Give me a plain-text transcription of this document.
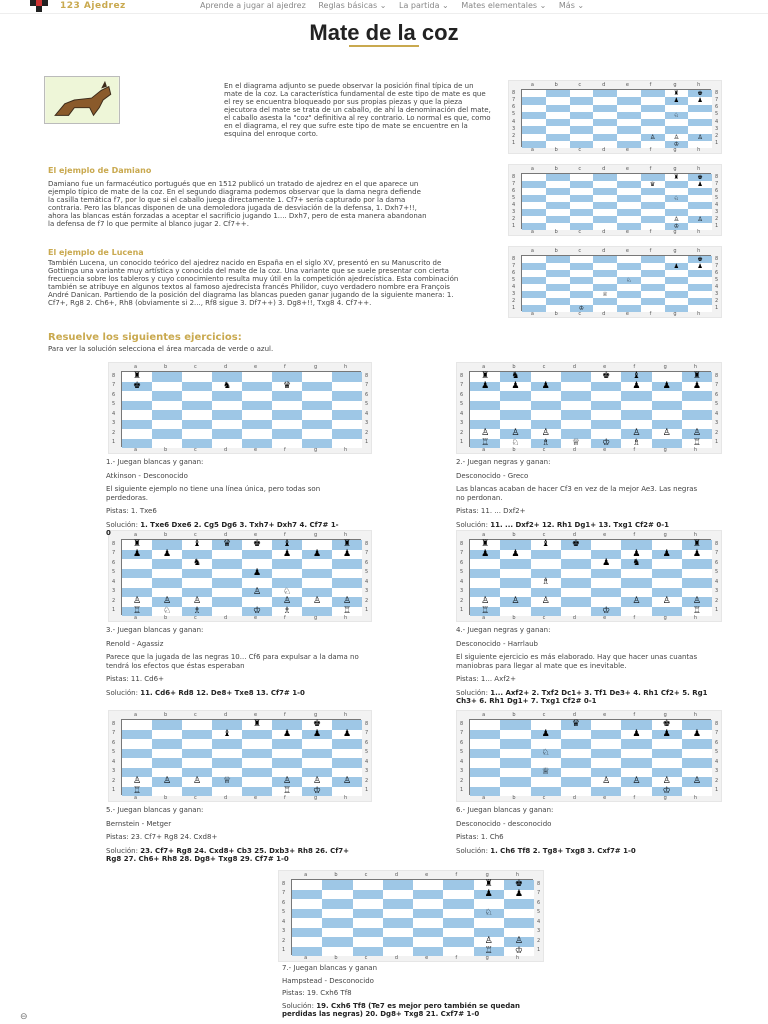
123 Ajedrez	Aprende a jugar al ajedrez Reglas básicas ⌄ La partida ⌄ Mates elementales ⌄ Más ⌄
Mate de la coz
En el diagrama adjunto se puede observar la posición final típica de un mate de la coz. La característica fundamental de este tipo de mate es que el rey se encuentra bloqueado por sus propias piezas y que la pieza ejecutora del mate se trata de un caballo, de ahí la denominación del mate, el caballo asesta la "coz" definitiva al rey contrario. Lo normal es que, como en el diagrama, el rey que sufre este tipo de mate se encuentre en la esquina del enroque corto.
El ejemplo de Damiano
Damiano fue un farmacéutico portugués que en 1512 publicó un tratado de ajedrez en el que aparece un ejemplo típico de mate de la coz. En el segundo diagrama podemos observar que la dama negra defiende la casilla temática f7, por lo que si el caballo juega directamente 1. Cf7+ sería capturado por la dama contraria. Pero las blancas disponen de una demoledora jugada de desviación de la defensa, 1. Dxh7+!!, ahora las blancas están forzadas a aceptar el sacrificio jugando 1.... Dxh7, pero de esta manera abandonan la defensa de f7 lo que permite al blanco jugar 2. Cf7++.
El ejemplo de Lucena
También Lucena, un conocido teórico del ajedrez nacido en España en el siglo XV, presentó en su Manuscrito de Gottinga una variante muy artística y conocida del mate de la coz. Una variante que se suele presentar con cierta frecuencia sobre los tableros y cuyo conocimiento resulta muy útil en la competición ajedrecística. Esta combinación también se atribuye en algunos textos al famoso ajedrecista francés Philidor, cuyo verdadero nombre era François André Danican. Partiendo de la posición del diagrama las blancas pueden ganar jugando de la siguiente manera: 1. Cf7+, Rg8 2. Ch6+, Rh8 (obviamente si 2..., Rf8 sigue 3. Df7++) 3. Dg8+!!, Txg8 4. Cf7++.
Resuelve los siguientes ejercicios:
Para ver la solución selecciona el área marcada de verde o azul.
♜	♚
♟	♟
♘
♙	♙	♙
♔
a
a
b
b
c
c
d
d
e
e
f
f
g
g
h
h
8	8
7	7
6	6
5	5
4	4
3	3
2	2
1	1
♜	♚
♛	♟
♘
♙	♙
♔
a
a
b
b
c
c
d
d
e
e
f
f
g
g
h
h
8	8
7	7
6	6
5	5
4	4
3	3
2	2
1	1
♚
♟	♟
♘
♕
♔
a
a
b
b
c
c
d
d
e
e
f
f
g
g
h
h
8	8
7	7
6	6
5	5
4	4
3	3
2	2
1	1
♜
♚	♞	♛
a
a
b
b
c
c
d
d
e
e
f
f
g
g
h
h
8	8
7	7
6	6
5	5
4	4
3	3
2	2
1	1
♜	♞	♚	♝	♜
♟	♟	♟	♟	♟	♟
♙	♙	♙	♙	♙	♙
♖	♘	♗	♕	♔	♗	♖
a
a
b
b
c
c
d
d
e
e
f
f
g
g
h
h
8	8
7	7
6	6
5	5
4	4
3	3
2	2
1	1
♜	♝	♛	♚	♝	♜
♟	♟	♟	♟	♟
♞
♟
♙	♘
♙	♙	♙	♙	♙	♙
♖	♘	♗	♔	♗	♖
a
a
b
b
c
c
d
d
e
e
f
f
g
g
h
h
8	8
7	7
6	6
5	5
4	4
3	3
2	2
1	1
♜	♝	♚	♜
♟	♟	♟	♟	♟
♟	♞
♗
♙	♙	♙	♙	♙	♙
♖	♔	♖
a
a
b
b
c
c
d
d
e
e
f
f
g
g
h
h
8	8
7	7
6	6
5	5
4	4
3	3
2	2
1	1
♜	♚
♝	♟	♟	♟
♙	♙	♙	♕	♙	♙	♙
♖	♖	♔
a
a
b
b
c
c
d
d
e
e
f
f
g
g
h
h
8	8
7	7
6	6
5	5
4	4
3	3
2	2
1	1
♛	♚
♟	♟	♟	♟
♘
♕
♙	♙	♙	♙
♔
a
a
b
b
c
c
d
d
e
e
f
f
g
g
h
h
8	8
7	7
6	6
5	5
4	4
3	3
2	2
1	1
♜	♚
♟	♟
♘
♙	♙
♖	♔
a
a
b
b
c
c
d
d
e
e
f
f
g
g
h
h
8	8
7	7
6	6
5	5
4	4
3	3
2	2
1	1
1.- Juegan blancas y ganan:
Atkinson - Desconocido
El siguiente ejemplo no tiene una línea única, pero todas son perdedoras.
Pistas: 1. Txe6
Solución: 1. Txe6 Dxe6 2. Cg5 Dg6 3. Txh7+ Dxh7 4. Cf7# 1-0
2.- Juegan negras y ganan:
Desconocido - Greco
Las blancas acaban de hacer Cf3 en vez de la mejor Ae3. Las negras no perdonan.
Pistas: 11. ... Dxf2+
Solución: 11. ... Dxf2+ 12. Rh1 Dg1+ 13. Txg1 Cf2# 0-1
3.- Juegan blancas y ganan:
Renold - Agassiz
Parece que la jugada de las negras 10... Cf6 para expulsar a la dama no tendrá los efectos que éstas esperaban
Pistas: 11. Cd6+
Solución: 11. Cd6+ Rd8 12. De8+ Txe8 13. Cf7# 1-0
4.- Juegan negras y ganan:
Desconocido - Harrlaub
El siguiente ejercicio es más elaborado. Hay que hacer unas cuantas maniobras para llegar al mate que es inevitable.
Pistas: 1... Axf2+
Solución: 1... Axf2+ 2. Txf2 Dc1+ 3. Tf1 De3+ 4. Rh1 Cf2+ 5. Rg1 Ch3+ 6. Rh1 Dg1+ 7. Txg1 Cf2# 0-1
5.- Juegan blancas y ganan:
Bernstein - Metger
Pistas: 23. Cf7+ Rg8 24. Cxd8+
Solución: 23. Cf7+ Rg8 24. Cxd8+ Cb3 25. Dxb3+ Rh8 26. Cf7+ Rg8 27. Ch6+ Rh8 28. Dg8+ Txg8 29. Cf7# 1-0
6.- Juegan blancas y ganan:
Desconocido - desconocido
Pistas: 1. Ch6
Solución: 1. Ch6 Tf8 2. Tg8+ Txg8 3. Cxf7# 1-0
7.- Juegan blancas y ganan
Hampstead - Desconocido
Pistas: 19. Cxh6 Tf8
Solución: 19. Cxh6 Tf8 (Te7 es mejor pero también se quedan perdidas las negras) 20. Dg8+ Txg8 21. Cxf7# 1-0
⊖
